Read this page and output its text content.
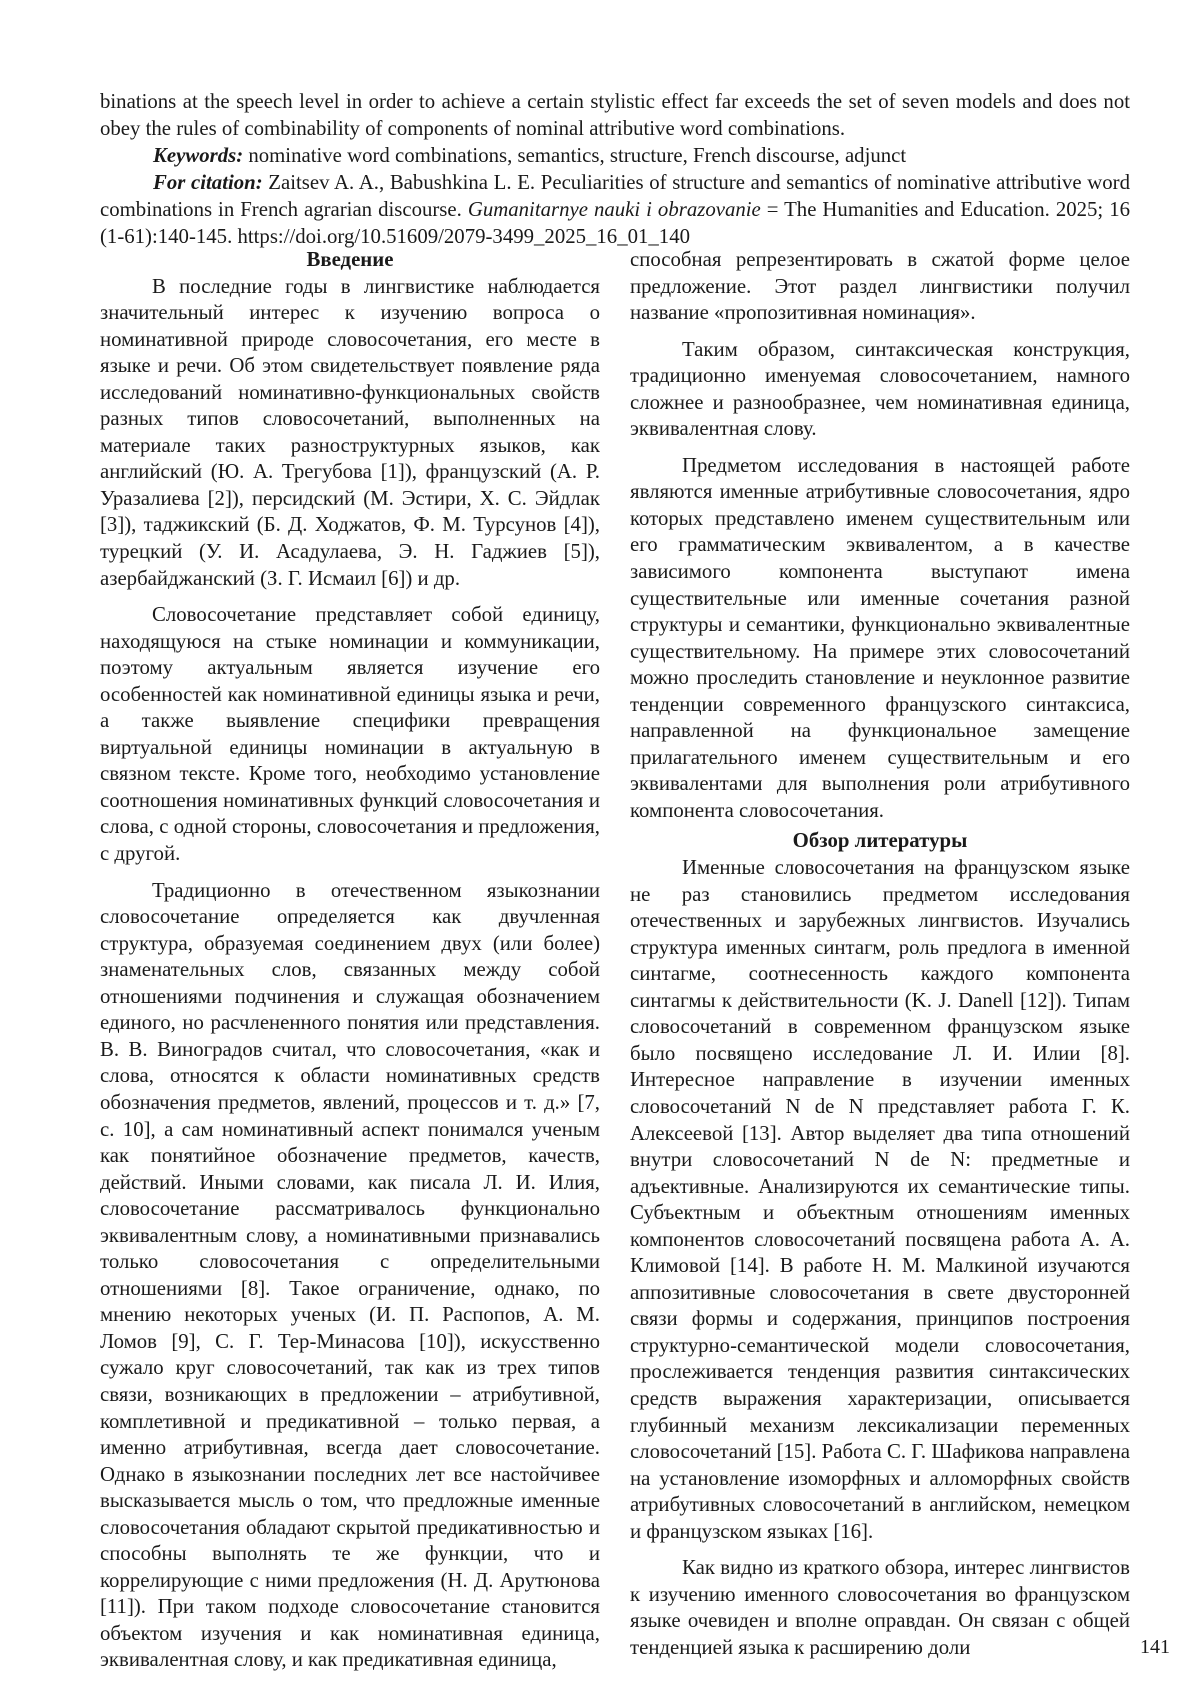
binations at the speech level in order to achieve a certain stylistic effect far exceeds the set of seven models and does not obey the rules of combinability of components of nominal attributive word combinations.

Keywords: nominative word combinations, semantics, structure, French discourse, adjunct

For citation: Zaitsev A. A., Babushkina L. E. Peculiarities of structure and semantics of nominative attributive word combinations in French agrarian discourse. Gumanitarnye nauki i obrazovanie = The Humanities and Education. 2025; 16 (1-61):140-145. https://doi.org/10.51609/2079-3499_2025_16_01_140

Введение

В последние годы в лингвистике наблюдается значительный интерес к изучению вопроса о номинативной природе словосочетания, его месте в языке и речи. Об этом свидетельствует появление ряда исследований номинативно-функциональных свойств разных типов словосочетаний, выполненных на материале таких разноструктурных языков, как английский (Ю. А. Трегубова [1]), французский (А. Р. Уразалиева [2]), персидский (М. Эстири, Х. С. Эйдлак [3]), таджикский (Б. Д. Ходжатов, Ф. М. Турсунов [4]), турецкий (У. И. Асадулаева, Э. Н. Гаджиев [5]), азербайджанский (З. Г. Исмаил [6]) и др.

Словосочетание представляет собой единицу, находящуюся на стыке номинации и коммуникации, поэтому актуальным является изучение его особенностей как номинативной единицы языка и речи, а также выявление специфики превращения виртуальной единицы номинации в актуальную в связном тексте. Кроме того, необходимо установление соотношения номинативных функций словосочетания и слова, с одной стороны, словосочетания и предложения, с другой.

Традиционно в отечественном языкознании словосочетание определяется как двучленная структура, образуемая соединением двух (или более) знаменательных слов, связанных между собой отношениями подчинения и служащая обозначением единого, но расчлененного понятия или представления. В. В. Виноградов считал, что словосочетания, «как и слова, относятся к области номинативных средств обозначения предметов, явлений, процессов и т. д.» [7, с. 10], а сам номинативный аспект понимался ученым как понятийное обозначение предметов, качеств, действий. Иными словами, как писала Л. И. Илия, словосочетание рассматривалось функционально эквивалентным слову, а номинативными признавались только словосочетания с определительными отношениями [8]. Такое ограничение, однако, по мнению некоторых ученых (И. П. Распопов, А. М. Ломов [9], С. Г. Тер-Минасова [10]), искусственно сужало круг словосочетаний, так как из трех типов связи, возникающих в предложении – атрибутивной, комплетивной и предикативной – только первая, а именно атрибутивная, всегда дает словосочетание. Однако в языкознании последних лет все настойчивее высказывается мысль о том, что предложные именные словосочетания обладают скрытой предикативностью и способны выполнять те же функции, что и коррелирующие с ними предложения (Н. Д. Арутюнова [11]). При таком подходе словосочетание становится объектом изучения и как номинативная единица, эквивалентная слову, и как предикативная единица,

способная репрезентировать в сжатой форме целое предложение. Этот раздел лингвистики получил название «пропозитивная номинация».

Таким образом, синтаксическая конструкция, традиционно именуемая словосочетанием, намного сложнее и разнообразнее, чем номинативная единица, эквивалентная слову.

Предметом исследования в настоящей работе являются именные атрибутивные словосочетания, ядро которых представлено именем существительным или его грамматическим эквивалентом, а в качестве зависимого компонента выступают имена существительные или именные сочетания разной структуры и семантики, функционально эквивалентные существительному. На примере этих словосочетаний можно проследить становление и неуклонное развитие тенденции современного французского синтаксиса, направленной на функциональное замещение прилагательного именем существительным и его эквивалентами для выполнения роли атрибутивного компонента словосочетания.

Обзор литературы

Именные словосочетания на французском языке не раз становились предметом исследования отечественных и зарубежных лингвистов. Изучались структура именных синтагм, роль предлога в именной синтагме, соотнесенность каждого компонента синтагмы к действительности (K. J. Danell [12]). Типам словосочетаний в современном французском языке было посвящено исследование Л. И. Илии [8]. Интересное направление в изучении именных словосочетаний N de N представляет работа Г. К. Алексеевой [13]. Автор выделяет два типа отношений внутри словосочетаний N de N: предметные и адъективные. Анализируются их семантические типы. Субъектным и объектным отношениям именных компонентов словосочетаний посвящена работа А. А. Климовой [14]. В работе Н. М. Малкиной изучаются аппозитивные словосочетания в свете двусторонней связи формы и содержания, принципов построения структурно-семантической модели словосочетания, прослеживается тенденция развития синтаксических средств выражения характеризации, описывается глубинный механизм лексикализации переменных словосочетаний [15]. Работа С. Г. Шафикова направлена на установление изоморфных и алломорфных свойств атрибутивных словосочетаний в английском, немецком и французском языках [16].

Как видно из краткого обзора, интерес лингвистов к изучению именного словосочетания во французском языке очевиден и вполне оправдан. Он связан с общей тенденцией языка к расширению доли	141
